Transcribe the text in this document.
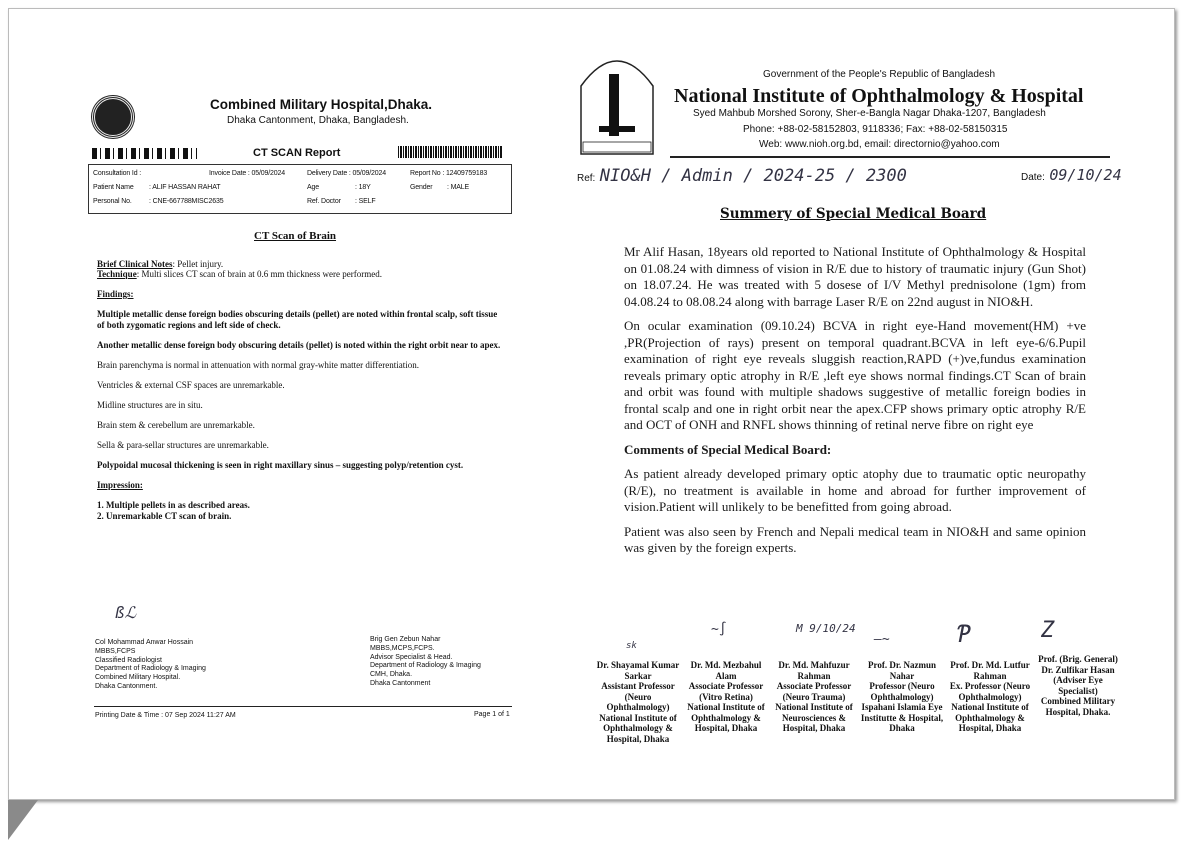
Combined Military Hospital,Dhaka.
Dhaka Cantonment, Dhaka, Bangladesh.
CT SCAN Report
Consultation Id :	Invoice Date : 05/09/2024	Delivery Date : 05/09/2024	Report No : 12409759183
Patient Name : ALIF HASSAN RAHAT	Age	: 18Y	Gender : MALE
Personal No. : CNE-667788MISC2635	Ref. Doctor : SELF
CT Scan of Brain
Brief Clinical Notes: Pellet injury.
Technique: Multi slices CT scan of brain at 0.6 mm thickness were performed.

Findings:

Multiple metallic dense foreign bodies obscuring details (pellet) are noted within frontal scalp, soft tissue of both zygomatic regions and left side of check.

Another metallic dense foreign body obscuring details (pellet) is noted within the right orbit near to apex.

Brain parenchyma is normal in attenuation with normal gray-white matter differentiation.

Ventricles & external CSF spaces are unremarkable.

Midline structures are in situ.

Brain stem & cerebellum are unremarkable.

Sella & para-sellar structures are unremarkable.

Polypoidal mucosal thickening is seen in right maxillary sinus – suggesting polyp/retention cyst.

Impression:

1. Multiple pellets in as described areas.
2. Unremarkable CT scan of brain.
ßℒ
Col Mohammad Anwar Hossain
MBBS,FCPS
Classified Radiologist
Department of Radiology & Imaging
Combined Military Hospital.
Dhaka Cantonment.
Brig Gen Zebun Nahar
MBBS,MCPS,FCPS.
Advisor Specialist & Head.
Department of Radiology & Imaging
CMH, Dhaka.
Dhaka Cantonment
Printing Date & Time : 07 Sep 2024 11:27 AM	Page 1 of 1
Government of the People's Republic of Bangladesh
National Institute of Ophthalmology & Hospital
Syed Mahbub Morshed Sorony, Sher-e-Bangla Nagar Dhaka-1207, Bangladesh
Phone: +88-02-58152803, 9118336; Fax: +88-02-58150315
Web: www.nioh.org.bd, email: directornio@yahoo.com
Ref: NIO&H / Admin / 2024-25 / 2300	Date: 09/10/24
Summery of Special Medical Board
Mr Alif Hasan, 18years old reported to National Institute of Ophthalmology & Hospital on 01.08.24 with dimness of vision in R/E due to history of traumatic injury (Gun Shot) on 18.07.24. He was treated with 5 dosese of I/V Methyl prednisolone (1gm) from 04.08.24 to 08.08.24 along with barrage Laser R/E on 22nd august in NIO&H.
On ocular examination (09.10.24) BCVA in right eye-Hand movement(HM) +ve ,PR(Projection of rays) present on temporal quadrant.BCVA in left eye-6/6.Pupil examination of right eye reveals sluggish reaction,RAPD (+)ve,fundus examination reveals primary optic atrophy in R/E ,left eye shows normal findings.CT Scan of brain and orbit was found with multiple shadows suggestive of metallic foreign bodies in frontal scalp and one in right orbit near the apex.CFP shows primary optic atrophy R/E and OCT of ONH and RNFL shows thinning of retinal nerve fibre on right eye
Comments of Special Medical Board:
As patient already developed primary optic atophy due to traumatic optic neuropathy (R/E), no treatment is available in home and abroad for further improvement of vision.Patient will unlikely to be benefitted from going abroad.
Patient was also seen by French and Nepali medical team in NIO&H and same opinion was given by the foreign experts.
sk
~∫	M 9/10/24
—~	Ƥ	Z
Dr. Shayamal Kumar Sarkar
Assistant Professor (Neuro Ophthalmology)
National Institute of Ophthalmology & Hospital, Dhaka
Dr. Md. Mezbahul Alam
Associate Professor (Vitro Retina)
National Institute of Ophthalmology & Hospital, Dhaka
Dr. Md. Mahfuzur Rahman
Associate Professor (Neuro Trauma)
National Institute of Neurosciences & Hospital, Dhaka
Prof. Dr. Nazmun Nahar
Professor (Neuro Ophthalmology)
Ispahani Islamia Eye Institutte & Hospital, Dhaka
Prof. Dr. Md. Lutfur Rahman
Ex. Professor (Neuro Ophthalmology)
National Institute of Ophthalmology & Hospital, Dhaka
Prof. (Brig. General) Dr. Zulfikar Hasan
(Adviser Eye Specialist)
Combined Military Hospital, Dhaka.
